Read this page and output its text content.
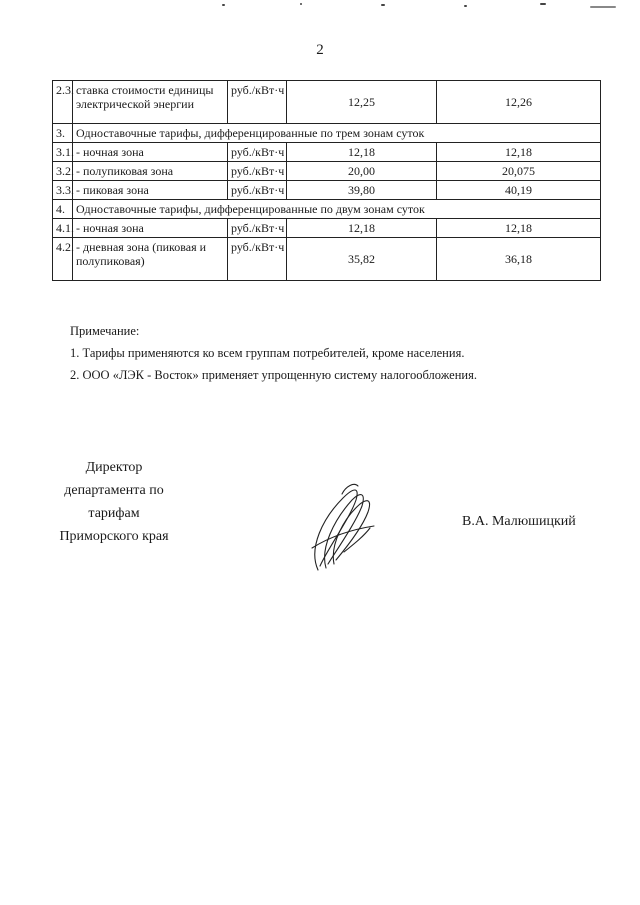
2
2.3.	ставка стоимости единицы электрической энергии	руб./кВт·ч	12,25	12,26
3.	Одноставочные тарифы, дифференцированные по трем зонам суток			
3.1.	- ночная зона	руб./кВт·ч	12,18	12,18
3.2.	- полупиковая зона	руб./кВт·ч	20,00	20,075
3.3.	- пиковая зона	руб./кВт·ч	39,80	40,19
4.	Одноставочные тарифы, дифференцированные по двум зонам суток			
4.1.	- ночная зона	руб./кВт·ч	12,18	12,18
4.2.	- дневная зона (пиковая и полупиковая)	руб./кВт·ч	35,82	36,18
Примечание:
1. Тарифы применяются ко всем группам потребителей, кроме населения.
2. ООО «ЛЭК - Восток» применяет упрощенную систему налогообложения.
Директор
департамента по тарифам
Приморского края
В.А. Малюшицкий
